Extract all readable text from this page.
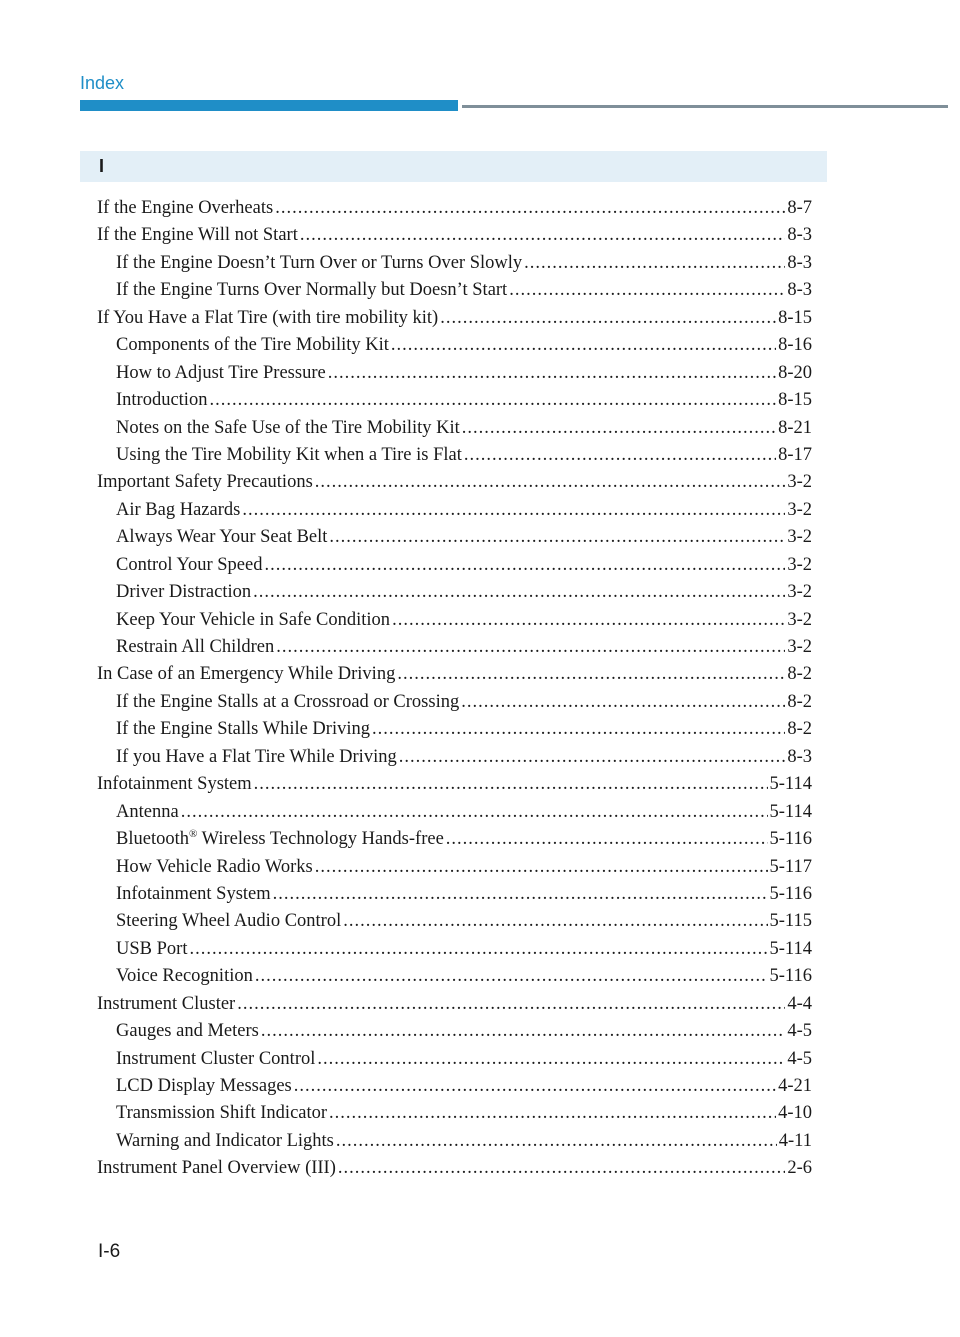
Index
I
If the Engine Overheats .....	8-7
If the Engine Will not Start .....	8-3
If the Engine Doesn’t Turn Over or Turns Over Slowly .....	8-3
If the Engine Turns Over Normally but Doesn’t Start .....	8-3
If You Have a Flat Tire (with tire mobility kit) .....	8-15
Components of the Tire Mobility Kit .....	8-16
How to Adjust Tire Pressure .....	8-20
Introduction .....	8-15
Notes on the Safe Use of the Tire Mobility Kit .....	8-21
Using the Tire Mobility Kit when a Tire is Flat .....	8-17
Important Safety Precautions .....	3-2
Air Bag Hazards .....	3-2
Always Wear Your Seat Belt .....	3-2
Control Your Speed .....	3-2
Driver Distraction .....	3-2
Keep Your Vehicle in Safe Condition .....	3-2
Restrain All Children .....	3-2
In Case of an Emergency While Driving .....	8-2
If the Engine Stalls at a Crossroad or Crossing .....	8-2
If the Engine Stalls While Driving .....	8-2
If you Have a Flat Tire While Driving .....	8-3
Infotainment System .....	5-114
Antenna .....	5-114
Bluetooth® Wireless Technology Hands-free .....	5-116
How Vehicle Radio Works .....	5-117
Infotainment System .....	5-116
Steering Wheel Audio Control .....	5-115
USB Port .....	5-114
Voice Recognition .....	5-116
Instrument Cluster .....	4-4
Gauges and Meters .....	4-5
Instrument Cluster Control .....	4-5
LCD Display Messages .....	4-21
Transmission Shift Indicator .....	4-10
Warning and Indicator Lights .....	4-11
Instrument Panel Overview (III) .....	2-6
I-6
